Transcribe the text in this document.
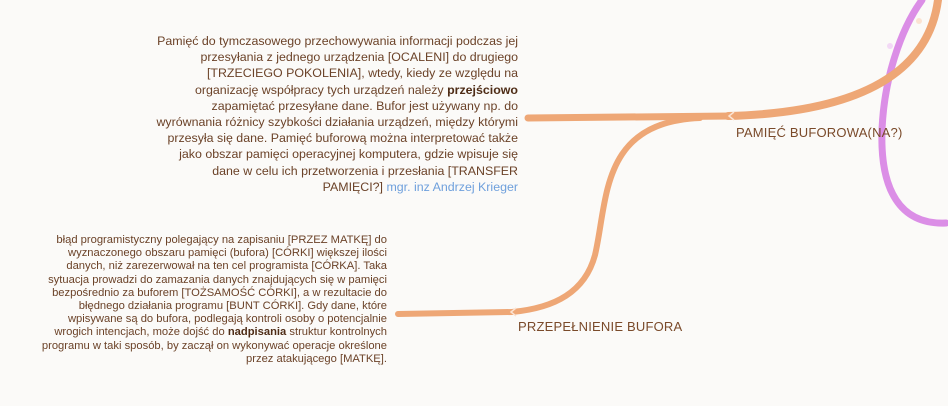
Pamięć do tymczasowego przechowywania informacji podczas jej przesyłania z jednego urządzenia [OCALENI] do drugiego [TRZECIEGO POKOLENIA], wtedy, kiedy ze względu na organizację współpracy tych urządzeń należy przejściowo zapamiętać przesyłane dane. Bufor jest używany np. do wyrównania różnicy szybkości działania urządzeń, między którymi przesyła się dane. Pamięć buforową można interpretować także jako obszar pamięci operacyjnej komputera, gdzie wpisuje się dane w celu ich przetworzenia i przesłania [TRANSFER PAMIĘCI?] mgr. inz Andrzej Krieger
PAMIĘĆ BUFOROWA(NA?)
błąd programistyczny polegający na zapisaniu [PRZEZ MATKĘ] do wyznaczonego obszaru pamięci (bufora) [CÓRKI] większej ilości danych, niż zarezerwował na ten cel programista [CÓRKA]. Taka sytuacja prowadzi do zamazania danych znajdujących się w pamięci bezpośrednio za buforem [TOŻSAMOŚĆ CÓRKI], a w rezultacie do błędnego działania programu [BUNT CÓRKI]. Gdy dane, które wpisywane są do bufora, podlegają kontroli osoby o potencjalnie wrogich intencjach, może dojść do nadpisania struktur kontrolnych programu w taki sposób, by zaczął on wykonywać operacje określone przez atakującego [MATKĘ].
PRZEPEŁNIENIE BUFORA
